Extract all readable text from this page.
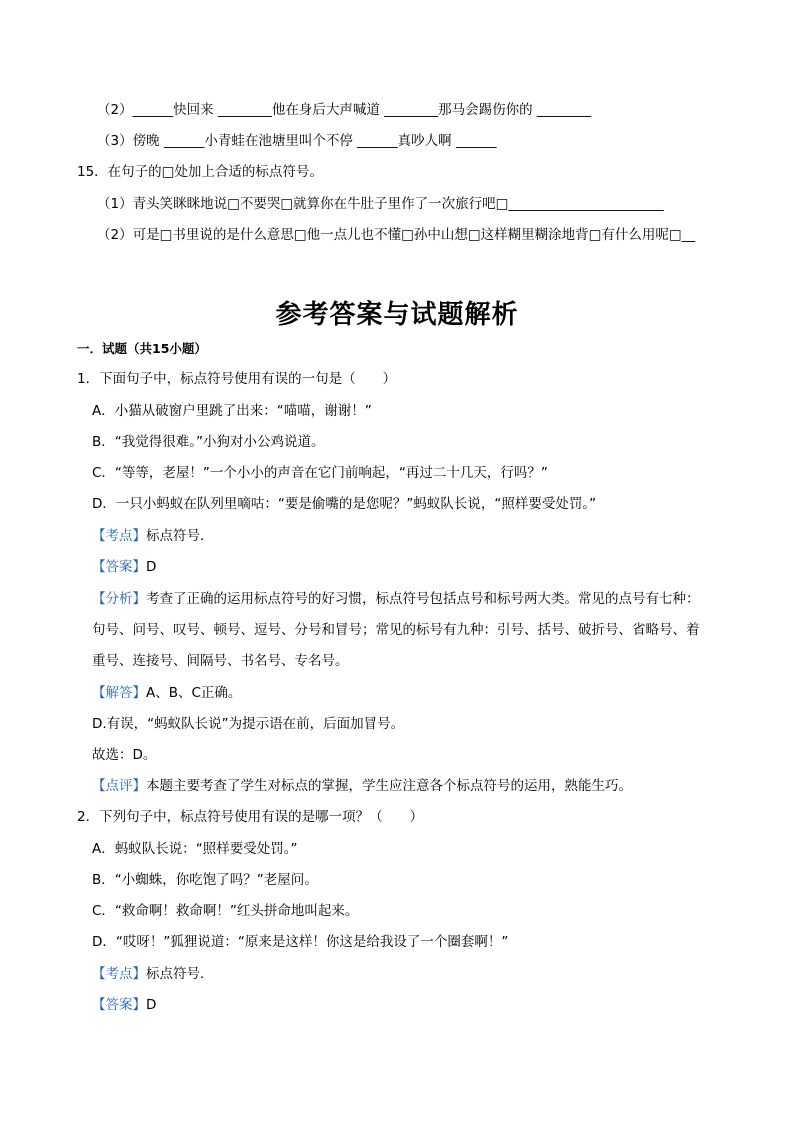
（2）______快回来 ________他在身后大声喊道 ________那马会踢伤你的 ________
（3）傍晚 ______小青蛙在池塘里叫个不停 ______真吵人啊 ______
15．在句子的□处加上合适的标点符号。
（1）青头笑眯眯地说□不要哭□就算你在牛肚子里作了一次旅行吧□_______________________
（2）可是□书里说的是什么意思□他一点儿也不懂□孙中山想□这样糊里糊涂地背□有什么用呢□__
参考答案与试题解析
一．试题（共15小题）
1．下面句子中，标点符号使用有误的一句是（　　）
A．小猫从破窗户里跳了出来：“喵喵，谢谢！”
B．“我觉得很难。”小狗对小公鸡说道。
C．“等等，老屋！”一个小小的声音在它门前响起，“再过二十几天，行吗？”
D．一只小蚂蚁在队列里嘀咕：“要是偷嘴的是您呢？”蚂蚁队长说，“照样要受处罚。”
【考点】标点符号．
【答案】D
【分析】考查了正确的运用标点符号的好习惯，标点符号包括点号和标号两大类。常见的点号有七种：
句号、问号、叹号、顿号、逗号、分号和冒号；常见的标号有九种：引号、括号、破折号、省略号、着
重号、连接号、间隔号、书名号、专名号。
【解答】A、B、C正确。
D.有误，“蚂蚁队长说”为提示语在前，后面加冒号。
故选：D。
【点评】本题主要考查了学生对标点的掌握，学生应注意各个标点符号的运用，熟能生巧。
2．下列句子中，标点符号使用有误的是哪一项？（　　）
A．蚂蚁队长说：“照样要受处罚。”
B．“小蜘蛛，你吃饱了吗？”老屋问。
C．“救命啊！救命啊！”红头拼命地叫起来。
D．“哎呀！”狐狸说道：“原来是这样！你这是给我设了一个圈套啊！”
【考点】标点符号．
【答案】D
